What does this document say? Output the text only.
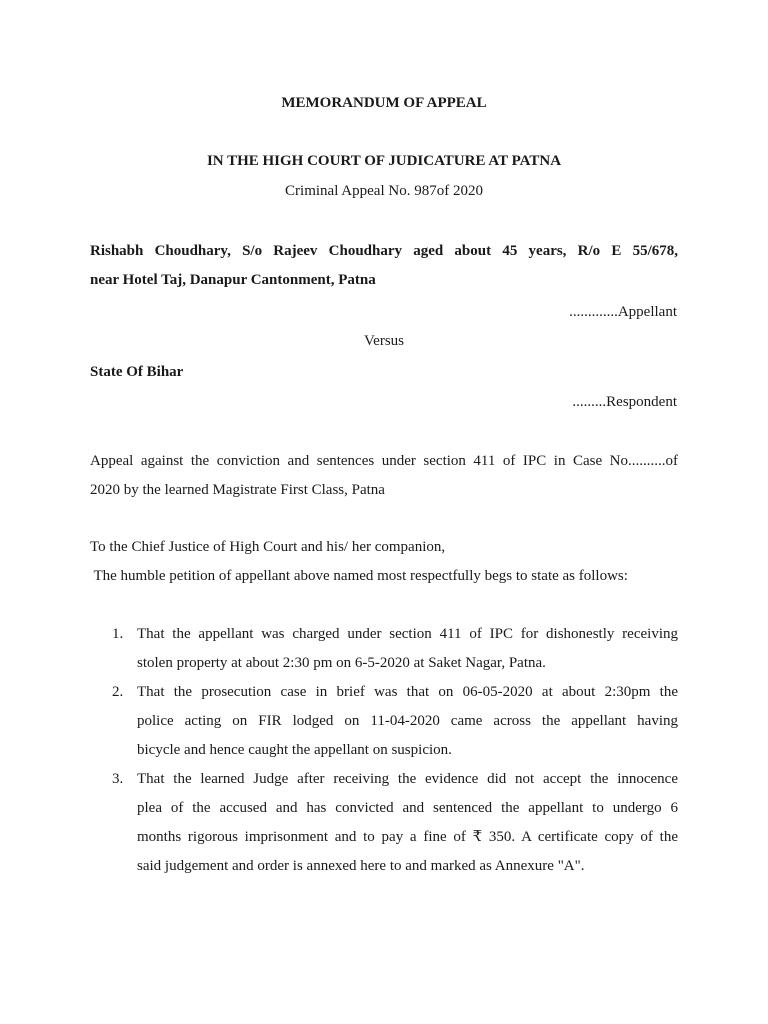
MEMORANDUM OF APPEAL
IN THE HIGH COURT OF JUDICATURE AT PATNA
Criminal Appeal No. 987of 2020
Rishabh Choudhary, S/o Rajeev Choudhary aged about 45 years, R/o E 55/678,
near Hotel Taj, Danapur Cantonment, Patna
.............Appellant
Versus
State Of Bihar
.........Respondent
Appeal against the conviction and sentences under section 411 of IPC in Case No..........of
2020 by the learned Magistrate First Class, Patna
To the Chief Justice of High Court and his/ her companion,
The humble petition of appellant above named most respectfully begs to state as follows:
1. That the appellant was charged under section 411 of IPC for dishonestly receiving
stolen property at about 2:30 pm on 6-5-2020 at Saket Nagar, Patna.
2. That the prosecution case in brief was that on 06-05-2020 at about 2:30pm the
police acting on FIR lodged on 11-04-2020 came across the appellant having
bicycle and hence caught the appellant on suspicion.
3. That the learned Judge after receiving the evidence did not accept the innocence
plea of the accused and has convicted and sentenced the appellant to undergo 6
months rigorous imprisonment and to pay a fine of ₹ 350. A certificate copy of the
said judgement and order is annexed here to and marked as Annexure "A".
